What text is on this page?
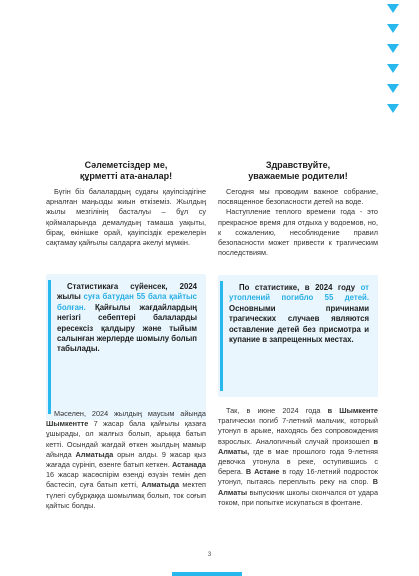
Сәлеметсіздер ме,
құрметті ата-аналар!

Бүгін біз балалардың судағы қауіпсіздігіне арналған маңызды жиын өткіземіз. Жылдың жылы мезгілінің басталуы – бұл су қоймаларында демалудың тамаша уақыты, бірақ, өкінішке орай, қауіпсіздік ережелерін сақтамау қайғылы салдарға әкелуі мүмкін.

Статистикаға сүйенсек, 2024 жылы суға батудан 55 бала қайтыс болған. Қайғылы жағдайлардың негізгі себептері балаларды ересексіз қалдыру және тыйым салынған жерлерде шомылу болып табылады.

Мәселен, 2024 жылдың маусым айында Шымкентте 7 жасар бала қайғылы қазаға ұшырады, ол жалғыз болып, арыққа батып кетті. Осындай жағдай өткен жылдың мамыр айында Алматыда орын алды. 9 жасар қыз жағада сүрініп, өзенге батып кеткен. Астанада 16 жасар жасөспірім өзенді өзүзін темін деп бастесіп, суға батып кетті, Алматыда мектеп түлегі субұрқаққа шомылмақ болып, ток соғып қайтыс болды.

Здравствуйте,
уважаемые родители!

Сегодня мы проводим важное собрание, посвященное безопасности детей на воде.

Наступление теплого времени года - это прекрасное время для отдыха у водоемов, но, к сожалению, несоблюдение правил безопасности может привести к трагическим последствиям.

По статистике, в 2024 году от утоплений погибло 55 детей. Основными причинами трагических случаев являются оставление детей без присмотра и купание в запрещенных местах.

Так, в июне 2024 года в Шымкенте трагически погиб 7-летний мальчик, который утонул в арыке, находясь без сопровождения взрослых. Аналогичный случай произошел в Алматы, где в мае прошлого года 9-летняя девочка утонула в реке, оступившись с берега. В Астане в году 16-летний подросток утонул, пытаясь переплыть реку на спор. В Алматы выпускник школы скончался от удара током, при попытке искупаться в фонтане.

3
